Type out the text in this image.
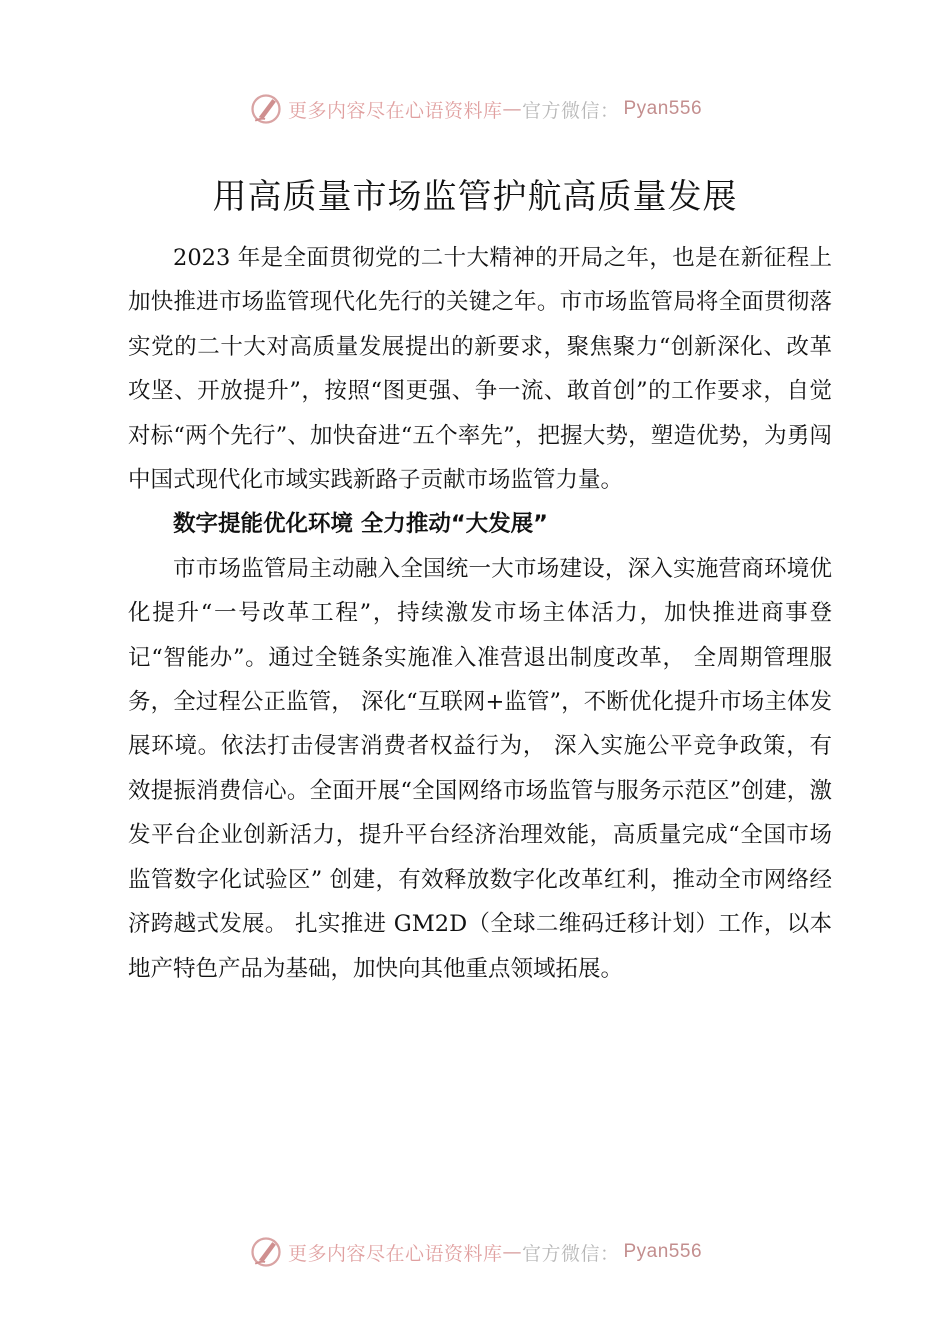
更多内容尽在心语资料库 — 官方微信： Pyan556
用高质量市场监管护航高质量发展

2023 年是全面贯彻党的二十大精神的开局之年，也是在新征程上加快推进市场监管现代化先行的关键之年。市市场监管局将全面贯彻落实党的二十大对高质量发展提出的新要求，聚焦聚力“创新深化、改革攻坚、开放提升”，按照“图更强、争一流、敢首创”的工作要求，自觉对标“两个先行”、加快奋进“五个率先”，把握大势，塑造优势，为勇闯中国式现代化市域实践新路子贡献市场监管力量。

数字提能优化环境 全力推动“大发展”

市市场监管局主动融入全国统一大市场建设，深入实施营商环境优化提升“一号改革工程”，持续激发市场主体活力，加快推进商事登记“智能办”。通过全链条实施准入准营退出制度改革， 全周期管理服务，全过程公正监管， 深化“互联网+监管”，不断优化提升市场主体发展环境。依法打击侵害消费者权益行为， 深入实施公平竞争政策，有效提振消费信心。全面开展“全国网络市场监管与服务示范区”创建，激发平台企业创新活力，提升平台经济治理效能，高质量完成“全国市场监管数字化试验区” 创建，有效释放数字化改革红利，推动全市网络经济跨越式发展。 扎实推进 GM2D（全球二维码迁移计划）工作，以本地产特色产品为基础，加快向其他重点领域拓展。

更多内容尽在心语资料库 — 官方微信： Pyan556
